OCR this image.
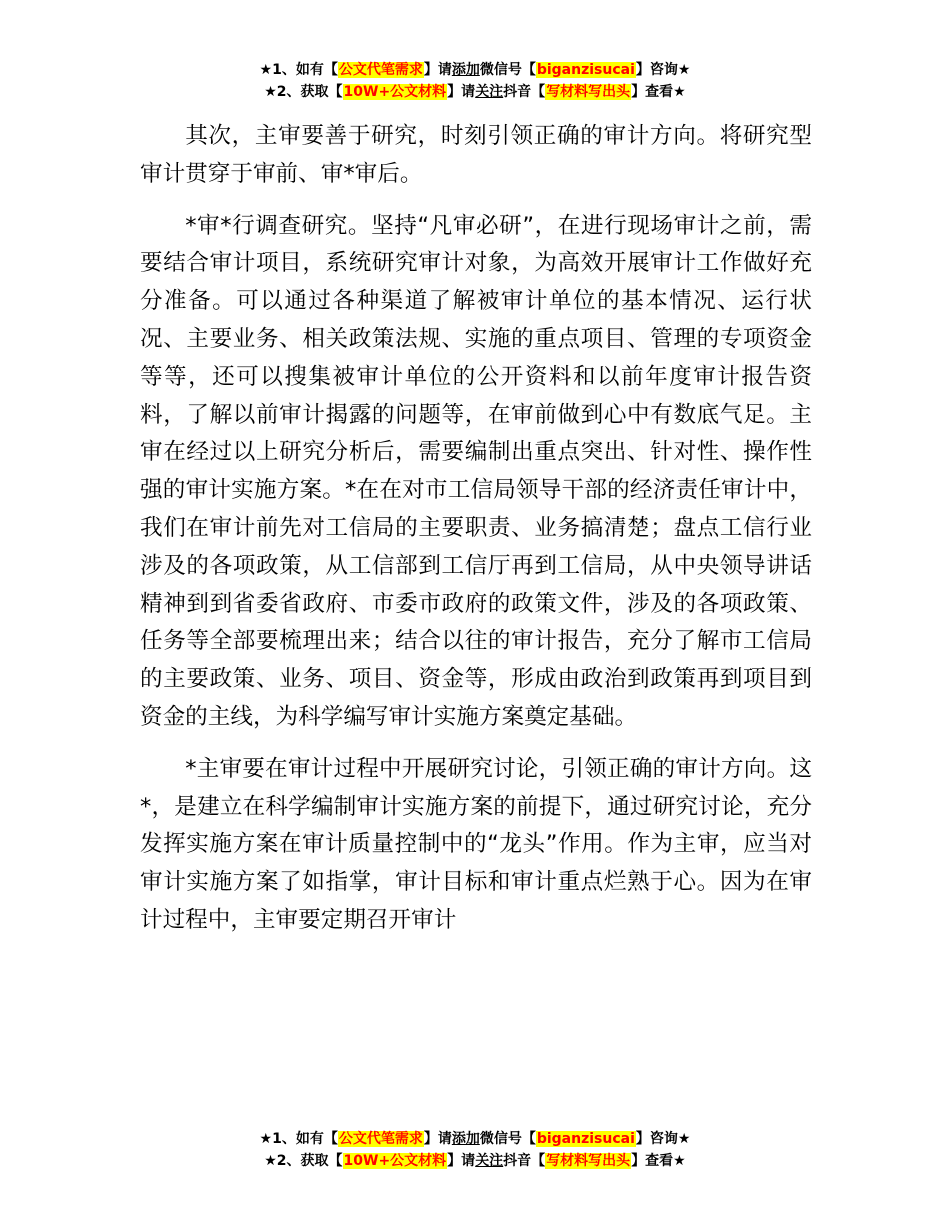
★1、如有【公文代笔需求】请添加微信号【biganzisucai】咨询★
★2、获取【10W+公文材料】请关注抖音【写材料写出头】查看★

其次，主审要善于研究，时刻引领正确的审计方向。将研究型审计贯穿于审前、审*审后。

*审*行调查研究。坚持“凡审必研”，在进行现场审计之前，需要结合审计项目，系统研究审计对象，为高效开展审计工作做好充分准备。可以通过各种渠道了解被审计单位的基本情况、运行状况、主要业务、相关政策法规、实施的重点项目、管理的专项资金等等，还可以搜集被审计单位的公开资料和以前年度审计报告资料，了解以前审计揭露的问题等，在审前做到心中有数底气足。主审在经过以上研究分析后，需要编制出重点突出、针对性、操作性强的审计实施方案。*在在对市工信局领导干部的经济责任审计中，我们在审计前先对工信局的主要职责、业务搞清楚；盘点工信行业涉及的各项政策，从工信部到工信厅再到工信局，从中央领导讲话精神到到省委省政府、市委市政府的政策文件，涉及的各项政策、任务等全部要梳理出来；结合以往的审计报告，充分了解市工信局的主要政策、业务、项目、资金等，形成由政治到政策再到项目到资金的主线，为科学编写审计实施方案奠定基础。

*主审要在审计过程中开展研究讨论，引领正确的审计方向。这*，是建立在科学编制审计实施方案的前提下，通过研究讨论，充分发挥实施方案在审计质量控制中的“龙头”作用。作为主审，应当对审计实施方案了如指掌，审计目标和审计重点烂熟于心。因为在审计过程中，主审要定期召开审计

★1、如有【公文代笔需求】请添加微信号【biganzisucai】咨询★
★2、获取【10W+公文材料】请关注抖音【写材料写出头】查看★
